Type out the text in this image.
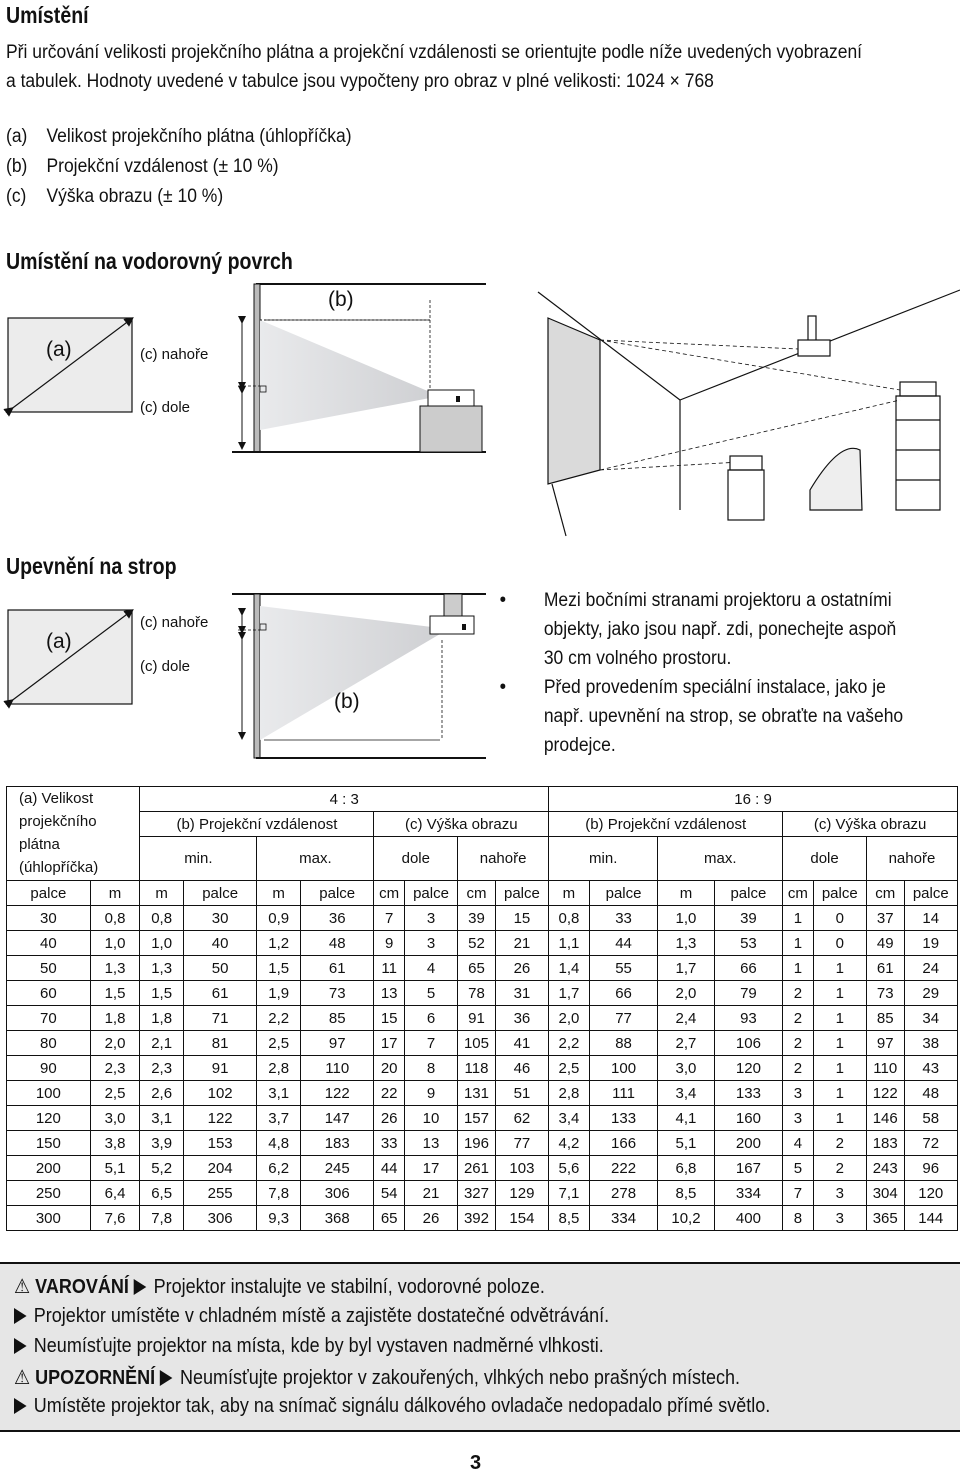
Umístění
Při určování velikosti projekčního plátna a projekční vzdálenosti se orientujte podle níže uvedených vyobrazení a tabulek. Hodnoty uvedené v tabulce jsou vypočteny pro obraz v plné velikosti: 1024 × 768
(a) Velikost projekčního plátna (úhlopříčka)
(b) Projekční vzdálenost (± 10 %)
(c) Výška obrazu (± 10 %)
Umístění na vodorovný povrch
(a)	(c) nahoře
(c) dole
(b)
Upevnění na strop
(a)
(c) nahoře
(c) dole
(b)
• Mezi bočními stranami projektoru a ostatními objekty, jako jsou např. zdi, ponechejte aspoň 30 cm volného prostoru.
• Před provedením speciální instalace, jako je např. upevnění na strop, se obraťte na vašeho prodejce.
(a) Velikost
projekčního
plátna
(úhlopříčka)		4 : 3								16 : 9							
		(b) Projekční vzdálenost				(c) Výška obrazu				(b) Projekční vzdálenost				(c) Výška obrazu			
		min.		max.		dole		nahoře		min.		max.		dole		nahoře	
palce	m	m	palce	m	palce	cm	palce	cm	palce	m	palce	m	palce	cm	palce	cm	palce
30	0,8	0,8	30	0,9	36	7	3	39	15	0,8	33	1,0	39	1	0	37	14
40	1,0	1,0	40	1,2	48	9	3	52	21	1,1	44	1,3	53	1	0	49	19
50	1,3	1,3	50	1,5	61	11	4	65	26	1,4	55	1,7	66	1	1	61	24
60	1,5	1,5	61	1,9	73	13	5	78	31	1,7	66	2,0	79	2	1	73	29
70	1,8	1,8	71	2,2	85	15	6	91	36	2,0	77	2,4	93	2	1	85	34
80	2,0	2,1	81	2,5	97	17	7	105	41	2,2	88	2,7	106	2	1	97	38
90	2,3	2,3	91	2,8	110	20	8	118	46	2,5	100	3,0	120	2	1	110	43
100	2,5	2,6	102	3,1	122	22	9	131	51	2,8	111	3,4	133	3	1	122	48
120	3,0	3,1	122	3,7	147	26	10	157	62	3,4	133	4,1	160	3	1	146	58
150	3,8	3,9	153	4,8	183	33	13	196	77	4,2	166	5,1	200	4	2	183	72
200	5,1	5,2	204	6,2	245	44	17	261	103	5,6	222	6,8	167	5	2	243	96
250	6,4	6,5	255	7,8	306	54	21	327	129	7,1	278	8,5	334	7	3	304	120
300	7,6	7,8	306	9,3	368	65	26	392	154	8,5	334	10,2	400	8	3	365	144
⚠ VAROVÁNÍ Projektor instalujte ve stabilní, vodorovné poloze.
Projektor umístěte v chladném místě a zajistěte dostatečné odvětrávání.
Neumísťujte projektor na místa, kde by byl vystaven nadměrné vlhkosti.
⚠ UPOZORNĚNÍ Neumísťujte projektor v zakouřených, vlhkých nebo prašných místech.
Umístěte projektor tak, aby na snímač signálu dálkového ovladače nedopadalo přímé světlo.
3
